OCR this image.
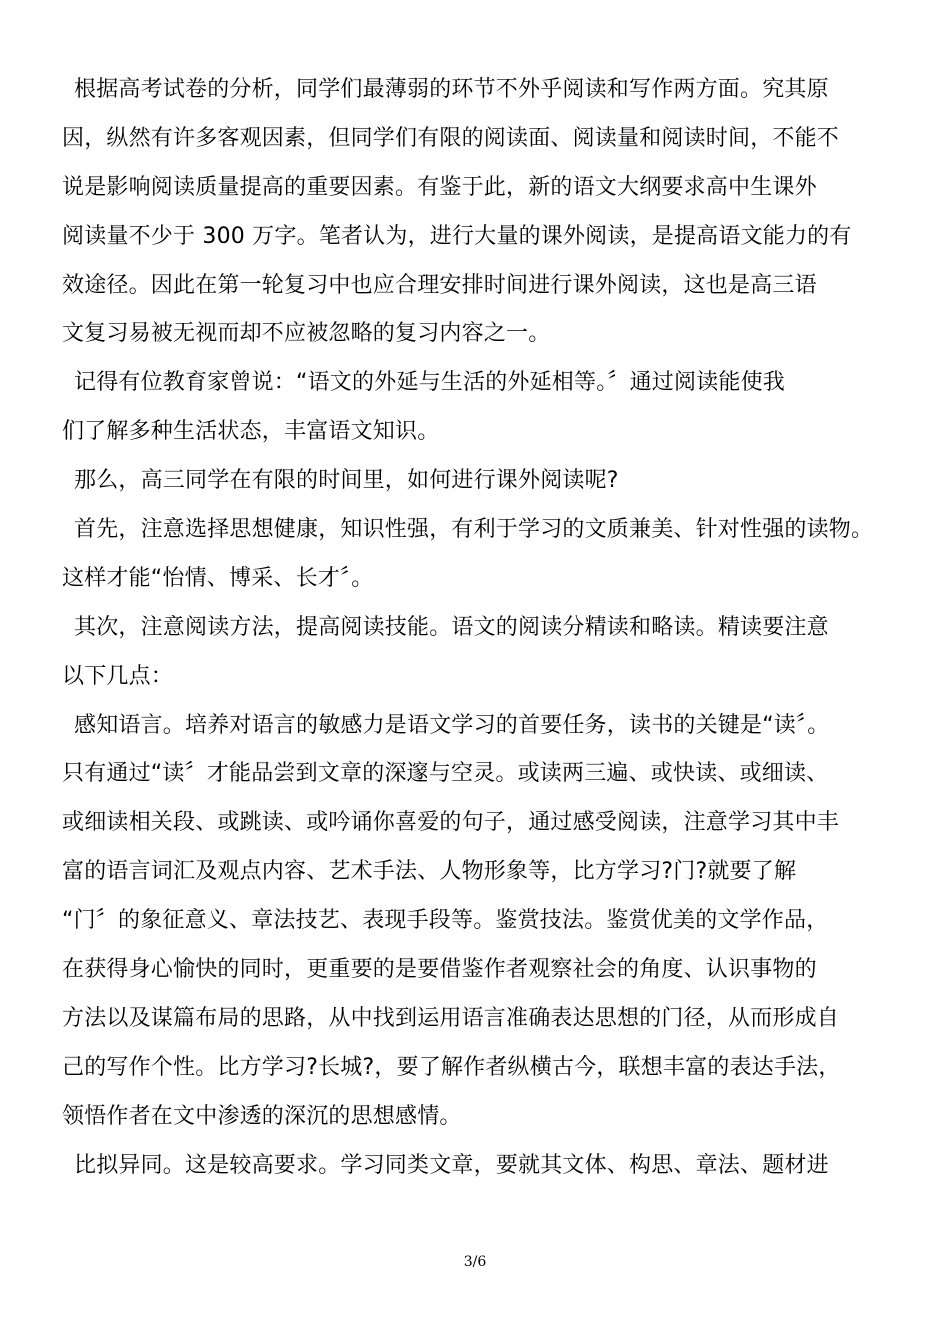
根据高考试卷的分析，同学们最薄弱的环节不外乎阅读和写作两方面。究其原
因，纵然有许多客观因素，但同学们有限的阅读面、阅读量和阅读时间，不能不
说是影响阅读质量提高的重要因素。有鉴于此，新的语文大纲要求高中生课外
阅读量不少于 300 万字。笔者认为，进行大量的课外阅读，是提高语文能力的有
效途径。因此在第一轮复习中也应合理安排时间进行课外阅读，这也是高三语
文复习易被无视而却不应被忽略的复习内容之一。
记得有位教育家曾说：“语文的外延与生活的外延相等。〞通过阅读能使我
们了解多种生活状态，丰富语文知识。
那么，高三同学在有限的时间里，如何进行课外阅读呢?
首先，注意选择思想健康，知识性强，有利于学习的文质兼美、针对性强的读物。
这样才能“怡情、博采、长才〞。
其次，注意阅读方法，提高阅读技能。语文的阅读分精读和略读。精读要注意
以下几点：
感知语言。培养对语言的敏感力是语文学习的首要任务，读书的关键是“读〞。
只有通过“读〞才能品尝到文章的深邃与空灵。或读两三遍、或快读、或细读、
或细读相关段、或跳读、或吟诵你喜爱的句子，通过感受阅读，注意学习其中丰
富的语言词汇及观点内容、艺术手法、人物形象等，比方学习?门?就要了解
“门〞的象征意义、章法技艺、表现手段等。鉴赏技法。鉴赏优美的文学作品，
在获得身心愉快的同时，更重要的是要借鉴作者观察社会的角度、认识事物的
方法以及谋篇布局的思路，从中找到运用语言准确表达思想的门径，从而形成自
己的写作个性。比方学习?长城?，要了解作者纵横古今，联想丰富的表达手法，
领悟作者在文中渗透的深沉的思想感情。
比拟异同。这是较高要求。学习同类文章，要就其文体、构思、章法、题材进
3/6
